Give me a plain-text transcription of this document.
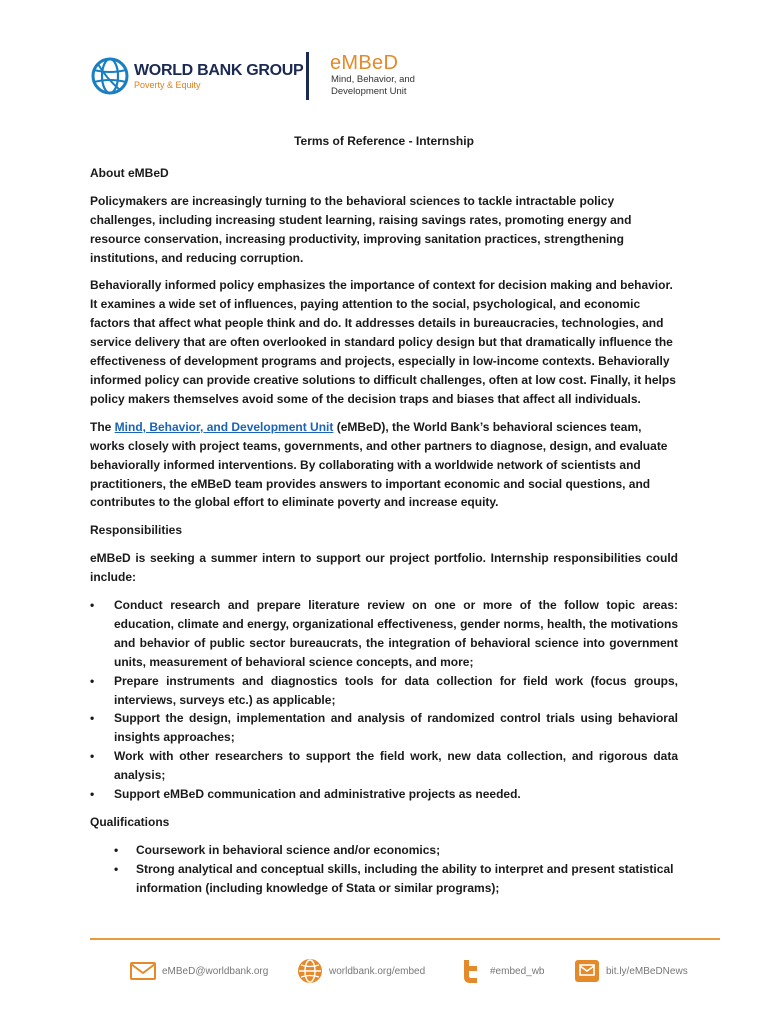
WORLD BANK GROUP
Poverty & Equity
eMBeD
Mind, Behavior, and Development Unit
Terms of Reference - Internship
About eMBeD

Policymakers are increasingly turning to the behavioral sciences to tackle intractable policy challenges, including increasing student learning, raising savings rates, promoting energy and resource conservation, increasing productivity, improving sanitation practices, strengthening institutions, and reducing corruption.

Behaviorally informed policy emphasizes the importance of context for decision making and behavior. It examines a wide set of influences, paying attention to the social, psychological, and economic factors that affect what people think and do. It addresses details in bureaucracies, technologies, and service delivery that are often overlooked in standard policy design but that dramatically influence the effectiveness of development programs and projects, especially in low-income contexts. Behaviorally informed policy can provide creative solutions to difficult challenges, often at low cost. Finally, it helps policy makers themselves avoid some of the decision traps and biases that affect all individuals.

The Mind, Behavior, and Development Unit (eMBeD), the World Bank’s behavioral sciences team, works closely with project teams, governments, and other partners to diagnose, design, and evaluate behaviorally informed interventions. By collaborating with a worldwide network of scientists and practitioners, the eMBeD team provides answers to important economic and social questions, and contributes to the global effort to eliminate poverty and increase equity.

Responsibilities

eMBeD is seeking a summer intern to support our project portfolio. Internship responsibilities could include:

• Conduct research and prepare literature review on one or more of the follow topic areas: education, climate and energy, organizational effectiveness, gender norms, health, the motivations and behavior of public sector bureaucrats, the integration of behavioral science into government units, measurement of behavioral science concepts, and more;
• Prepare instruments and diagnostics tools for data collection for field work (focus groups, interviews, surveys etc.) as applicable;
• Support the design, implementation and analysis of randomized control trials using behavioral insights approaches;
• Work with other researchers to support the field work, new data collection, and rigorous data analysis;
• Support eMBeD communication and administrative projects as needed.
Qualifications
• Coursework in behavioral science and/or economics;
• Strong analytical and conceptual skills, including the ability to interpret and present statistical information (including knowledge of Stata or similar programs);
eMBeD@worldbank.org	worldbank.org/embed	#embed_wb	bit.ly/eMBeDNews
